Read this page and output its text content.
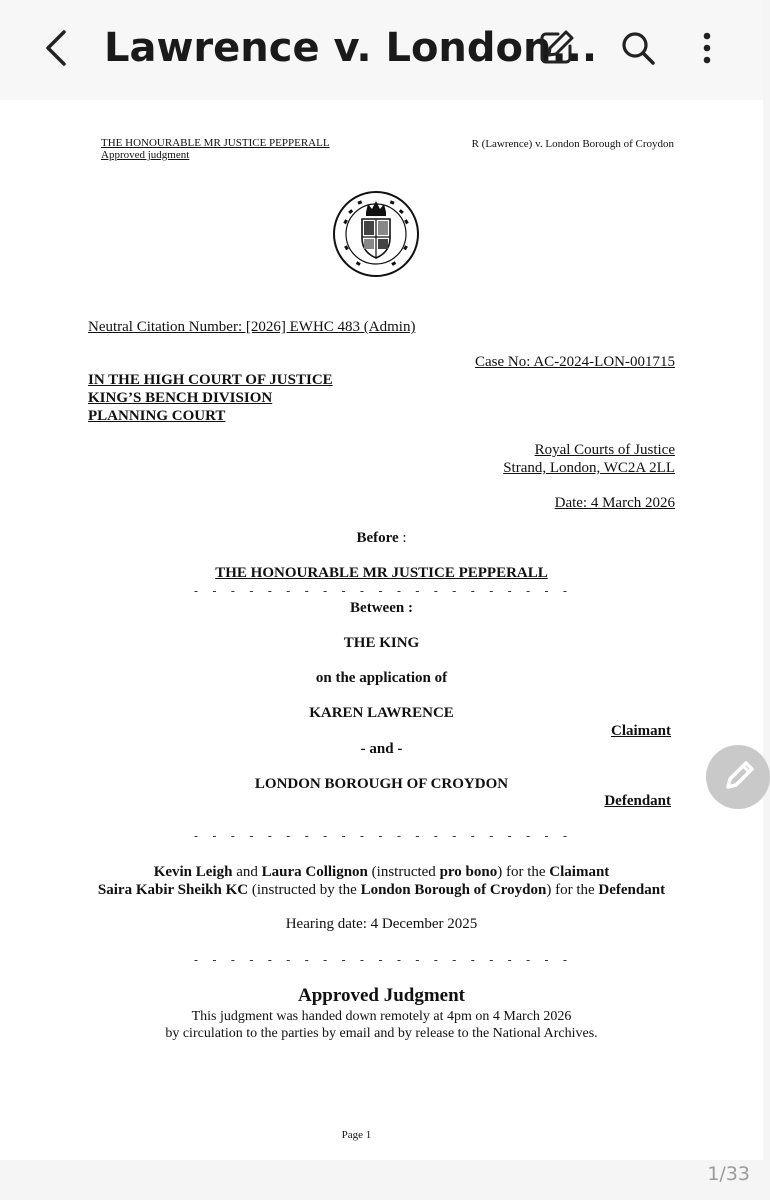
Lawrence v. London...
THE HONOURABLE MR JUSTICE PEPPERALL
Approved judgment
R (Lawrence) v. London Borough of Croydon
Neutral Citation Number: [2026] EWHC 483 (Admin)
Case No: AC-2024-LON-001715
IN THE HIGH COURT OF JUSTICE
KING’S BENCH DIVISION
PLANNING COURT
Royal Courts of Justice
Strand, London, WC2A 2LL
Date: 4 March 2026
Before :
THE HONOURABLE MR JUSTICE PEPPERALL
- - - - - - - - - - - - - - - - - - - - -
Between :
THE KING
on the application of
KAREN LAWRENCE
Claimant
- and -
LONDON BOROUGH OF CROYDON
Defendant
- - - - - - - - - - - - - - - - - - - - -
Kevin Leigh and Laura Collignon (instructed pro bono) for the Claimant
Saira Kabir Sheikh KC (instructed by the London Borough of Croydon) for the Defendant
Hearing date: 4 December 2025
- - - - - - - - - - - - - - - - - - - - -
Approved Judgment
This judgment was handed down remotely at 4pm on 4 March 2026
by circulation to the parties by email and by release to the National Archives.
Page 1
1/33
